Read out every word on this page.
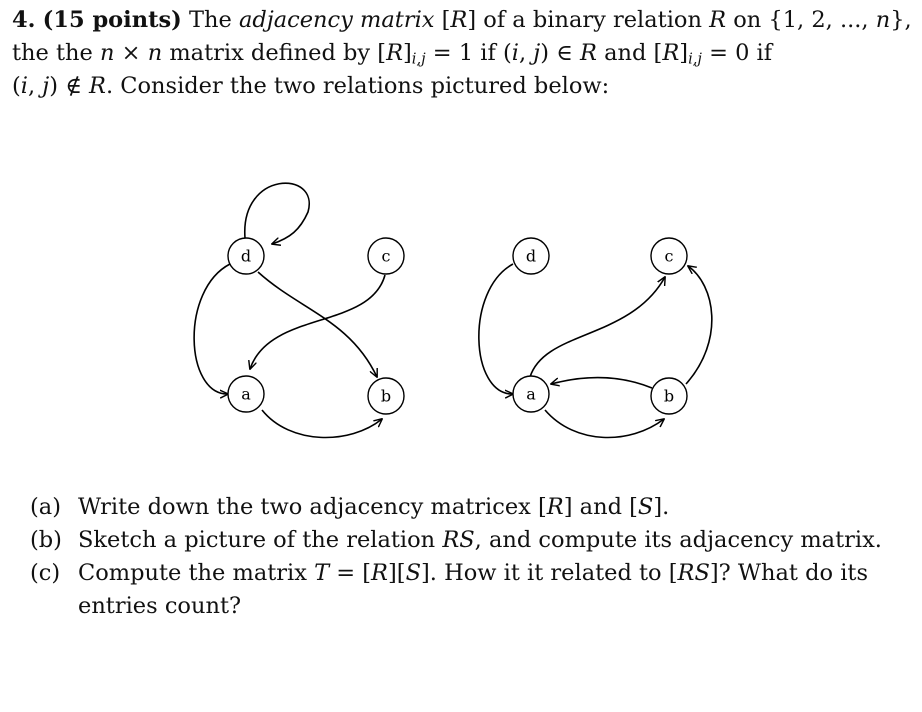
4. (15 points) The adjacency matrix [R] of a binary relation R on {1, 2, ..., n},

the the n × n matrix defined by $[R]_{i,j} = 1$ if (i, j) ∈ R and $[R]_{i,j} = 0$ if

(i, j) ∉ R. Consider the two relations pictured below:

d	c
a	b
d	c
a	b
(a) Write down the two adjacency matricex [R] and [S].
(b) Sketch a picture of the relation RS, and compute its adjacency matrix.
(c) Compute the matrix T = [R][S]. How it it related to [RS]? What do its entries count?
